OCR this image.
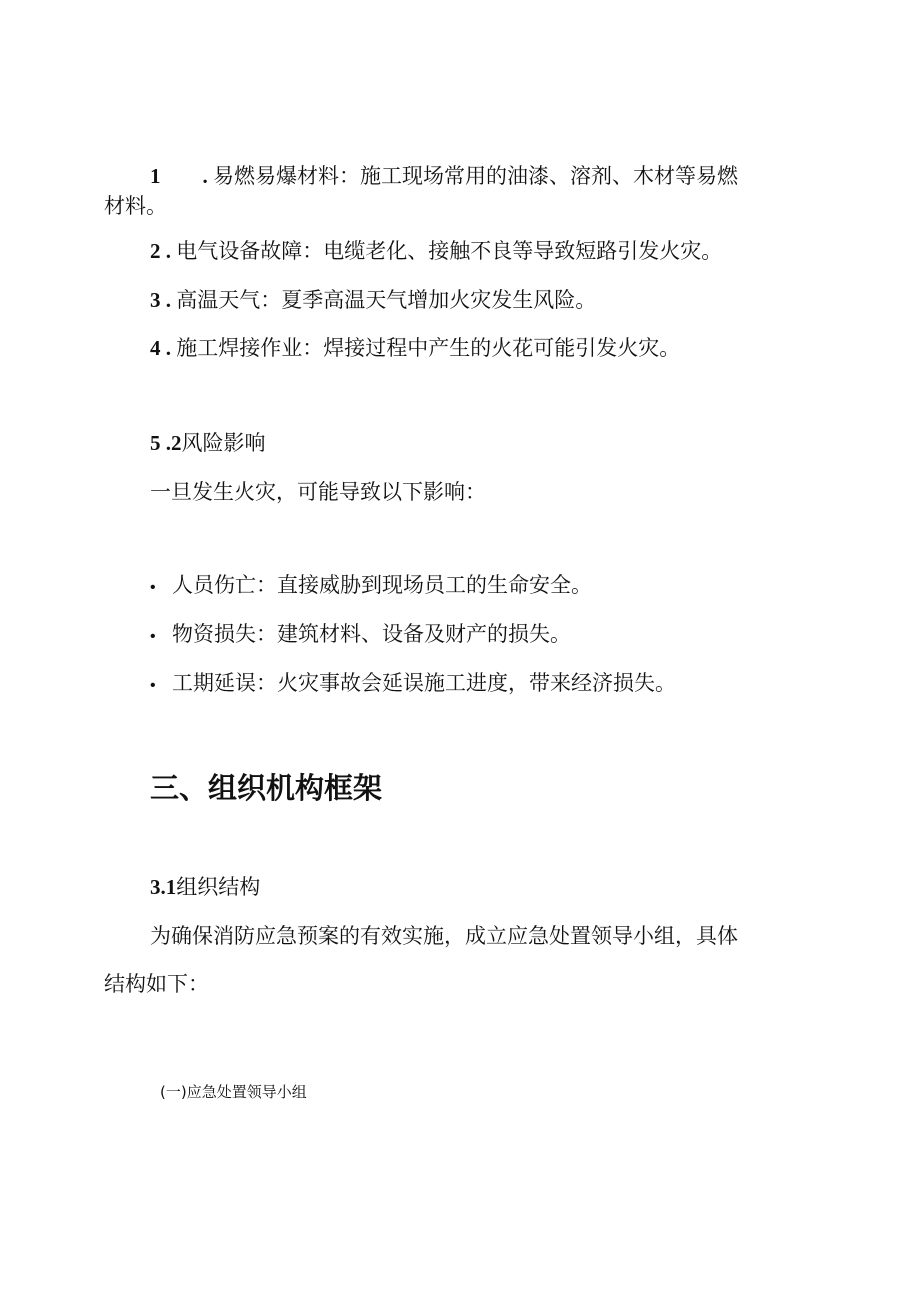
1　　. 易燃易爆材料：施工现场常用的油漆、溶剂、木材等易燃

材料。

2 . 电气设备故障：电缆老化、接触不良等导致短路引发火灾。

3 . 高温天气：夏季高温天气增加火灾发生风险。

4 . 施工焊接作业：焊接过程中产生的火花可能引发火灾。

5 .2风险影响

一旦发生火灾，可能导致以下影响：

• 人员伤亡：直接威胁到现场员工的生命安全。

• 物资损失：建筑材料、设备及财产的损失。

• 工期延误：火灾事故会延误施工进度，带来经济损失。

三、组织机构框架

3.1组织结构

为确保消防应急预案的有效实施，成立应急处置领导小组，具体

结构如下：

(一)应急处置领导小组
